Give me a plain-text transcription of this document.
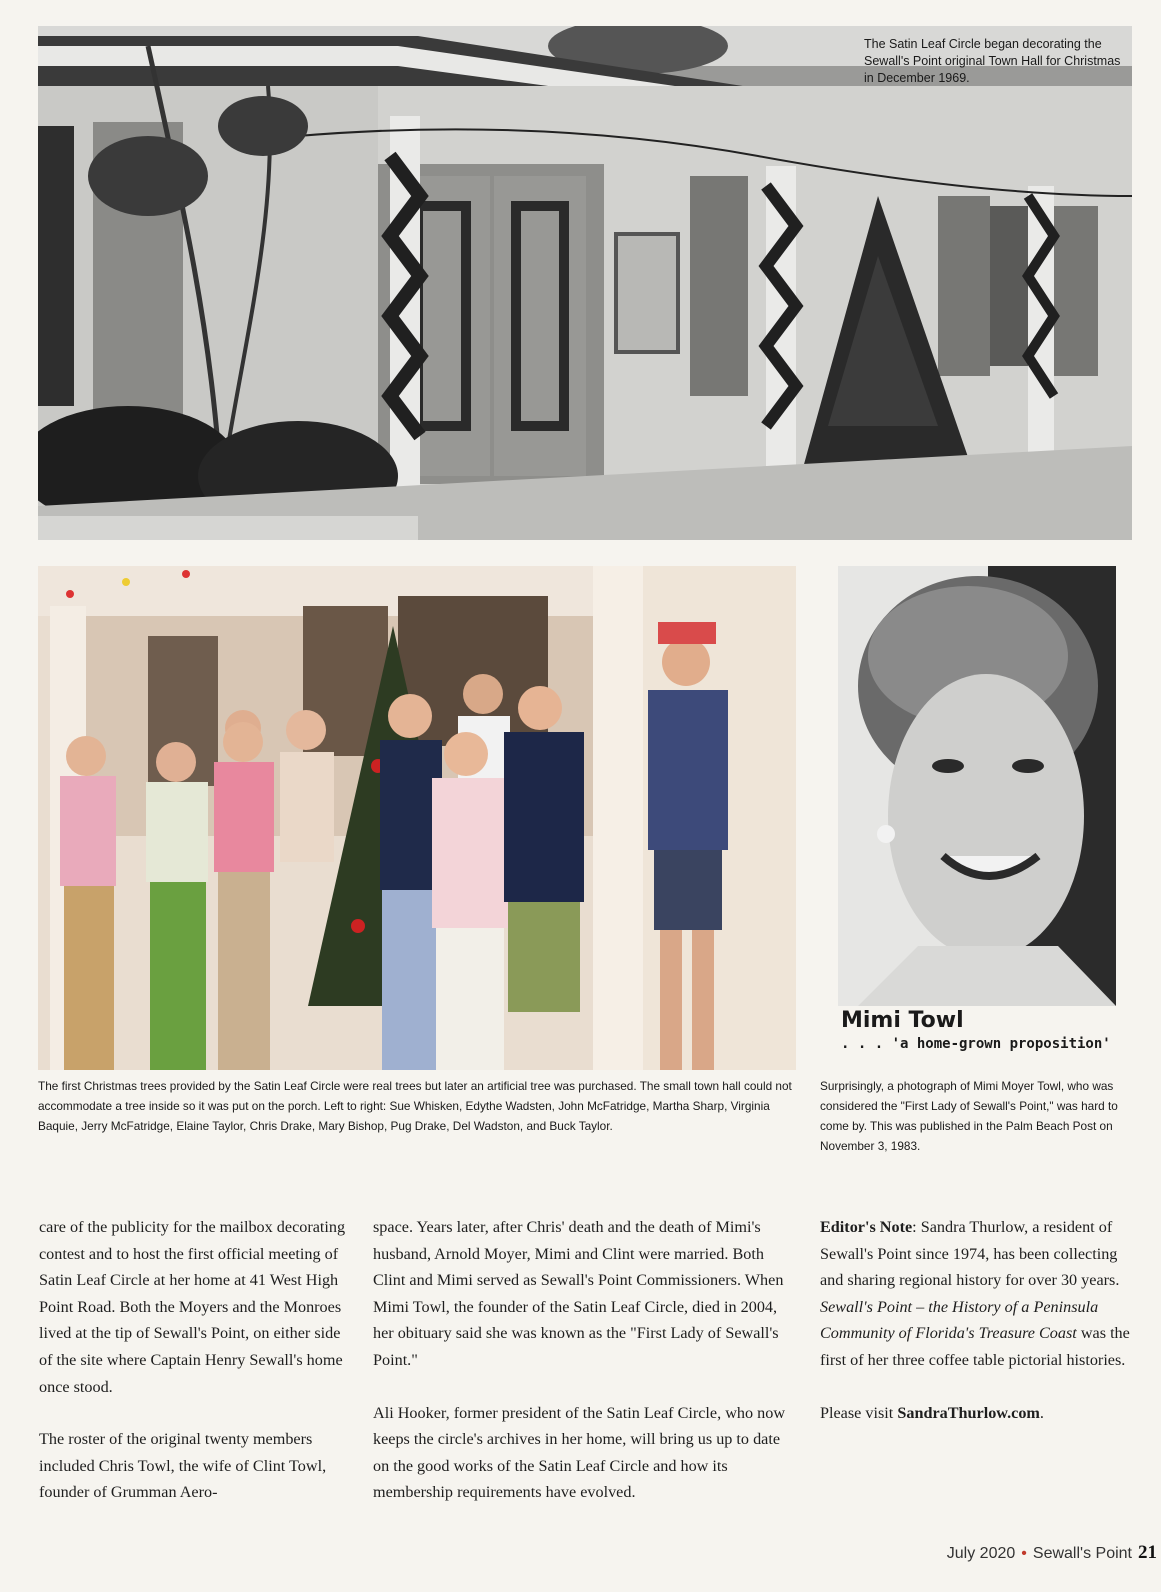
The Satin Leaf Circle began decorating the Sewall's Point original Town Hall for Christmas in December 1969.
Mimi Towl
. . . 'a home-grown proposition'
The first Christmas trees provided by the Satin Leaf Circle were real trees but later an artificial tree was purchased. The small town hall could not accommodate a tree inside so it was put on the porch. Left to right: Sue Whisken, Edythe Wadsten, John McFatridge, Martha Sharp, Virginia Baquie, Jerry McFatridge, Elaine Taylor, Chris Drake, Mary Bishop, Pug Drake, Del Wadston, and Buck Taylor.
Surprisingly, a photograph of Mimi Moyer Towl, who was considered the "First Lady of Sewall's Point," was hard to come by. This was published in the Palm Beach Post on November 3, 1983.

care of the publicity for the mailbox decorating contest and to host the first official meeting of Satin Leaf Circle at her home at 41 West High Point Road. Both the Moyers and the Monroes lived at the tip of Sewall's Point, on either side of the site where Captain Henry Sewall's home once stood.

The roster of the original twenty members included Chris Towl, the wife of Clint Towl, founder of Grumman Aero-

space. Years later, after Chris' death and the death of Mimi's husband, Arnold Moyer, Mimi and Clint were married. Both Clint and Mimi served as Sewall's Point Commissioners. When Mimi Towl, the founder of the Satin Leaf Circle, died in 2004, her obituary said she was known as the "First Lady of Sewall's Point."

Ali Hooker, former president of the Satin Leaf Circle, who now keeps the circle's archives in her home, will bring us up to date on the good works of the Satin Leaf Circle and how its membership requirements have evolved.

Editor's Note: Sandra Thurlow, a resident of Sewall's Point since 1974, has been collecting and sharing regional history for over 30 years. Sewall's Point – the History of a Peninsula Community of Florida's Treasure Coast was the first of her three coffee table pictorial histories.

Please visit SandraThurlow.com.

July 2020 • Sewall's Point 21
